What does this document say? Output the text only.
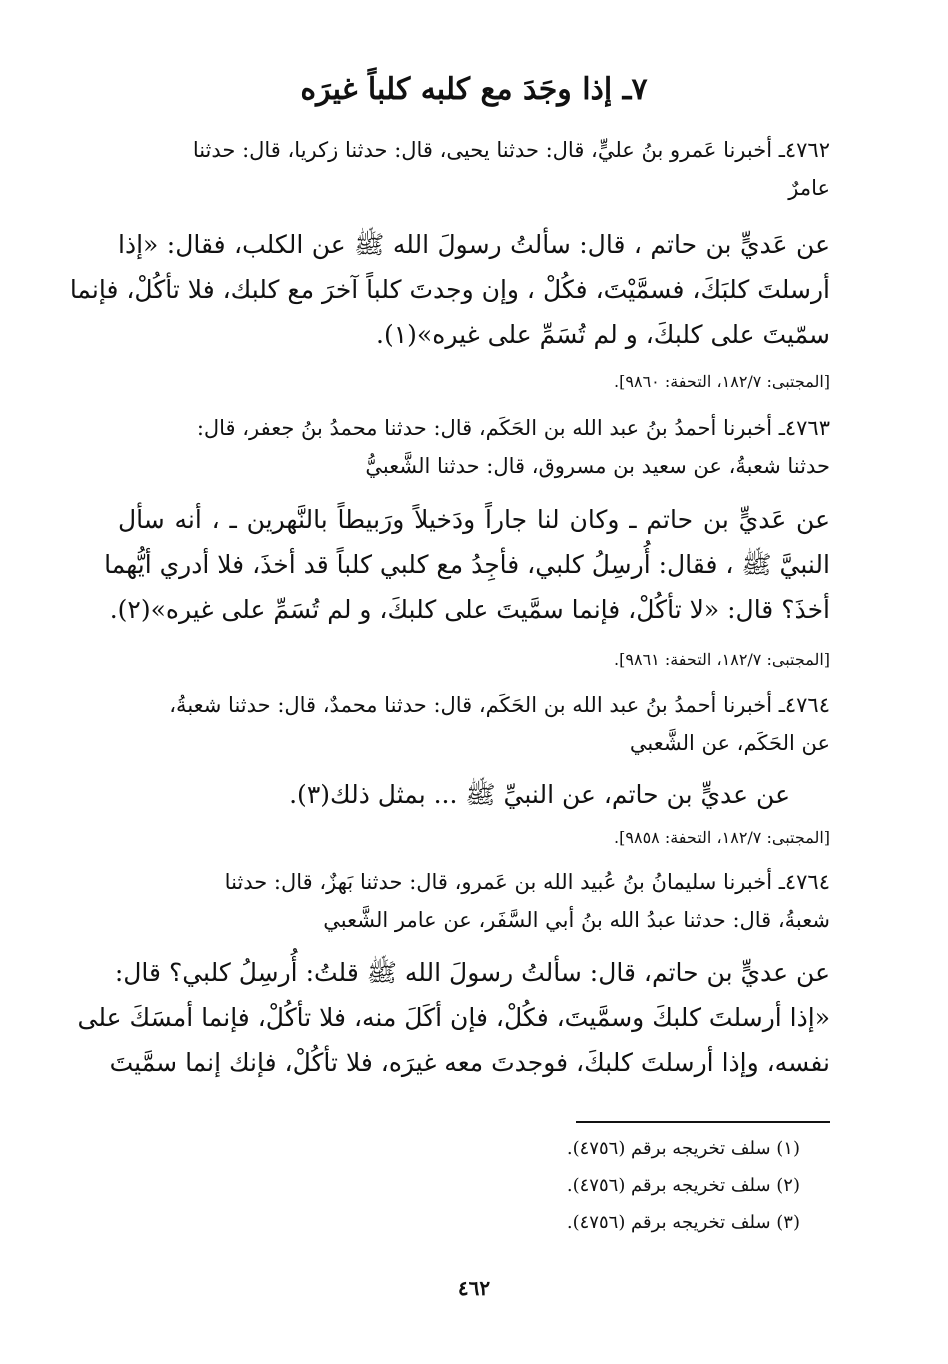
٧ـ إذا وجَدَ مع كلبه كلباً غيرَه
٤٧٦٢ـ أخبرنا عَمرو بنُ عليٍّ، قال: حدثنا يحيى، قال: حدثنا زكريا، قال: حدثنا
عامرٌ
عن عَديٍّ بن حاتم ، قال: سألتُ رسولَ الله ﷺ عن الكلب، فقال: «إذا
أرسلتَ كلبَكَ، فسمَّيْتَ، فكُلْ ، وإن وجدتَ كلباً آخرَ مع كلبك، فلا تأكُلْ، فإنما
سمّيتَ على كلبكَ، و لم تُسَمِّ على غيره»(١).
[المجتبى: ١٨٢/٧، التحفة: ٩٨٦٠].
٤٧٦٣ـ أخبرنا أحمدُ بنُ عبد الله بن الحَكَم، قال: حدثنا محمدُ بنُ جعفر، قال:
حدثنا شعبةُ، عن سعيد بن مسروق، قال: حدثنا الشَّعبيُّ
عن عَديٍّ بن حاتم ـ وكان لنا جاراً ودَخيلاً ورَبيطاً بالنَّهرين ـ ، أنه سأل
النبيَّ ﷺ ، فقال: أُرسِلُ كلبي، فأجِدُ مع كلبي كلباً قد أخذَ، فلا أدري أيُّهما
أخذَ؟ قال: «لا تأكُلْ، فإنما سمَّيتَ على كلبكَ، و لم تُسَمِّ على غيره»(٢).
[المجتبى: ١٨٢/٧، التحفة: ٩٨٦١].
٤٧٦٤ـ أخبرنا أحمدُ بنُ عبد الله بن الحَكَم، قال: حدثنا محمدٌ، قال: حدثنا شعبةُ،
عن الحَكَم، عن الشَّعبي
عن عديٍّ بن حاتم، عن النبيِّ ﷺ ... بمثل ذلك(٣).
[المجتبى: ١٨٢/٧، التحفة: ٩٨٥٨].
٤٧٦٤ـ أخبرنا سليمانُ بنُ عُبيد الله بن عَمرو، قال: حدثنا بَهزٌ، قال: حدثنا
شعبةُ، قال: حدثنا عبدُ الله بنُ أبي السَّفَر، عن عامر الشَّعبي
عن عديٍّ بن حاتم، قال: سألتُ رسولَ الله ﷺ قلتُ: أُرسِلُ كلبي؟ قال:
«إذا أرسلتَ كلبكَ وسمَّيتَ، فكُلْ، فإن أكَلَ منه، فلا تأكُلْ، فإنما أمسَكَ على
نفسه، وإذا أرسلتَ كلبكَ، فوجدتَ معه غيرَه، فلا تأكُلْ، فإنك إنما سمَّيتَ
(١) سلف تخريجه برقم (٤٧٥٦).
(٢) سلف تخريجه برقم (٤٧٥٦).
(٣) سلف تخريجه برقم (٤٧٥٦).
٤٦٢
